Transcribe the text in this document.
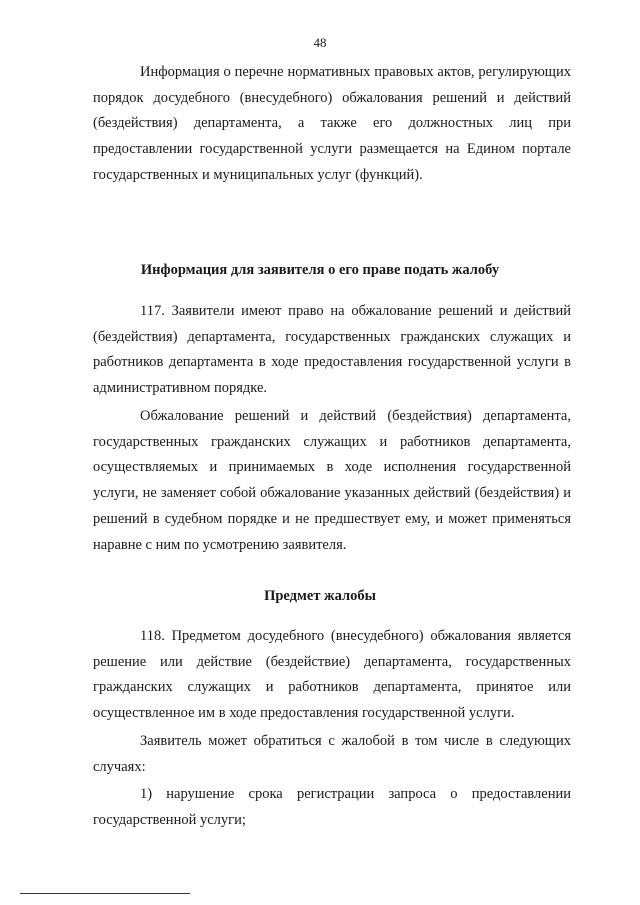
48

Информация о перечне нормативных правовых актов, регулирующих порядок досудебного (внесудебного) обжалования решений и действий (бездействия) департамента, а также его должностных лиц при предоставлении государственной услуги размещается на Едином портале государственных и муниципальных услуг (функций).

Информация для заявителя о его праве подать жалобу

117. Заявители имеют право на обжалование решений и действий (бездействия) департамента, государственных гражданских служащих и работников департамента в ходе предоставления государственной услуги в административном порядке.

Обжалование решений и действий (бездействия) департамента, государственных гражданских служащих и работников департамента, осуществляемых и принимаемых в ходе исполнения государственной услуги, не заменяет собой обжалование указанных действий (бездействия) и решений в судебном порядке и не предшествует ему, и может применяться наравне с ним по усмотрению заявителя.

Предмет жалобы

118. Предметом досудебного (внесудебного) обжалования является решение или действие (бездействие) департамента, государственных гражданских служащих и работников департамента, принятое или осуществленное им в ходе предоставления государственной услуги.

Заявитель может обратиться с жалобой в том числе в следующих случаях:

1) нарушение срока регистрации запроса о предоставлении государственной услуги;
